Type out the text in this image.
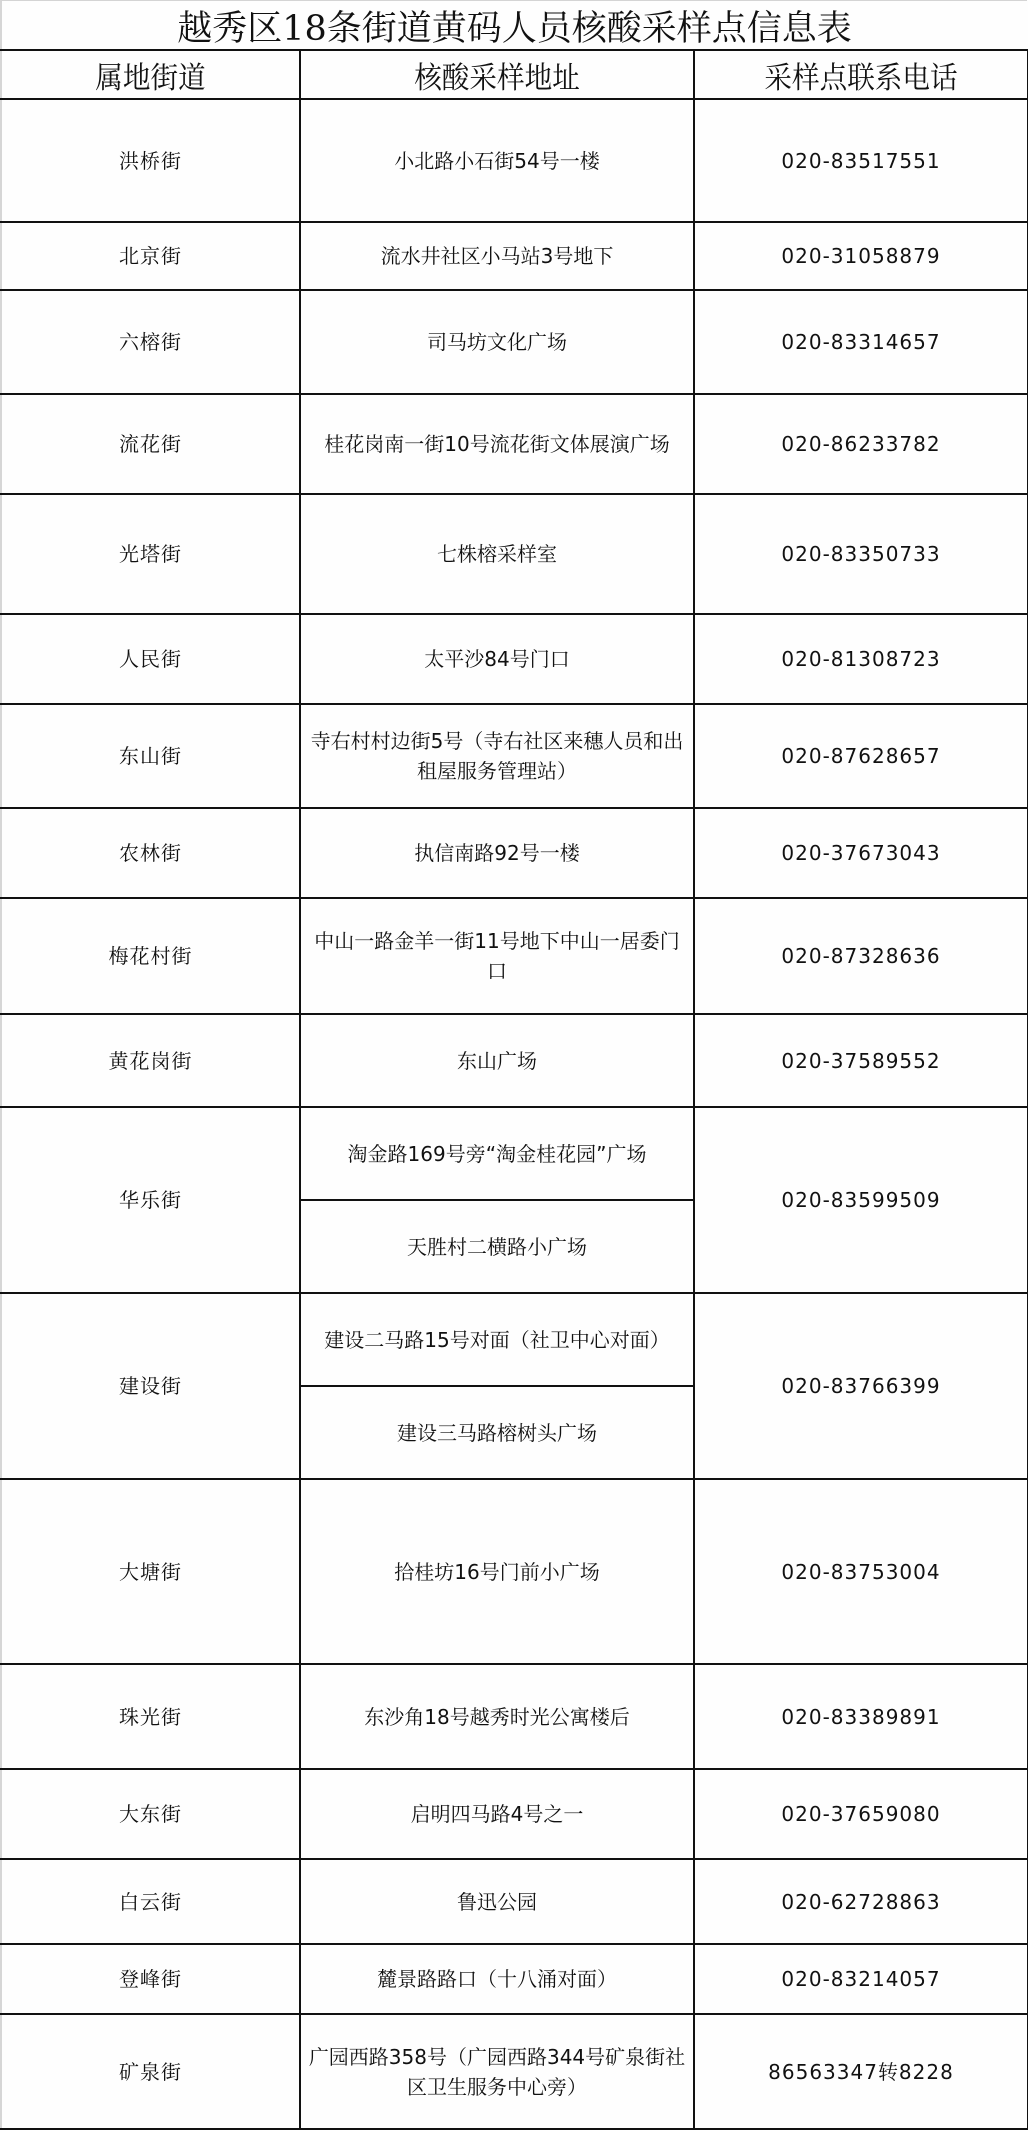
越秀区18条街道黄码人员核酸采样点信息表
属地街道	核酸采样地址	采样点联系电话
洪桥街	小北路小石街54号一楼	020-83517551
北京街	流水井社区小马站3号地下	020-31058879
六榕街	司马坊文化广场	020-83314657
流花街	桂花岗南一街10号流花街文体展演广场	020-86233782
光塔街	七株榕采样室	020-83350733
人民街	太平沙84号门口	020-81308723
东山街	寺右村村边街5号（寺右社区来穗人员和出租屋服务管理站）	020-87628657
农林街	执信南路92号一楼	020-37673043
梅花村街	中山一路金羊一街11号地下中山一居委门口	020-87328636
黄花岗街	东山广场	020-37589552
华乐街	淘金路169号旁“淘金桂花园”广场	020-83599509
	天胜村二横路小广场	
建设街	建设二马路15号对面（社卫中心对面）	020-83766399
	建设三马路榕树头广场	
大塘街	拾桂坊16号门前小广场	020-83753004
珠光街	东沙角18号越秀时光公寓楼后	020-83389891
大东街	启明四马路4号之一	020-37659080
白云街	鲁迅公园	020-62728863
登峰街	麓景路路口（十八涌对面）	020-83214057
矿泉街	广园西路358号（广园西路344号矿泉街社区卫生服务中心旁）	86563347转8228
